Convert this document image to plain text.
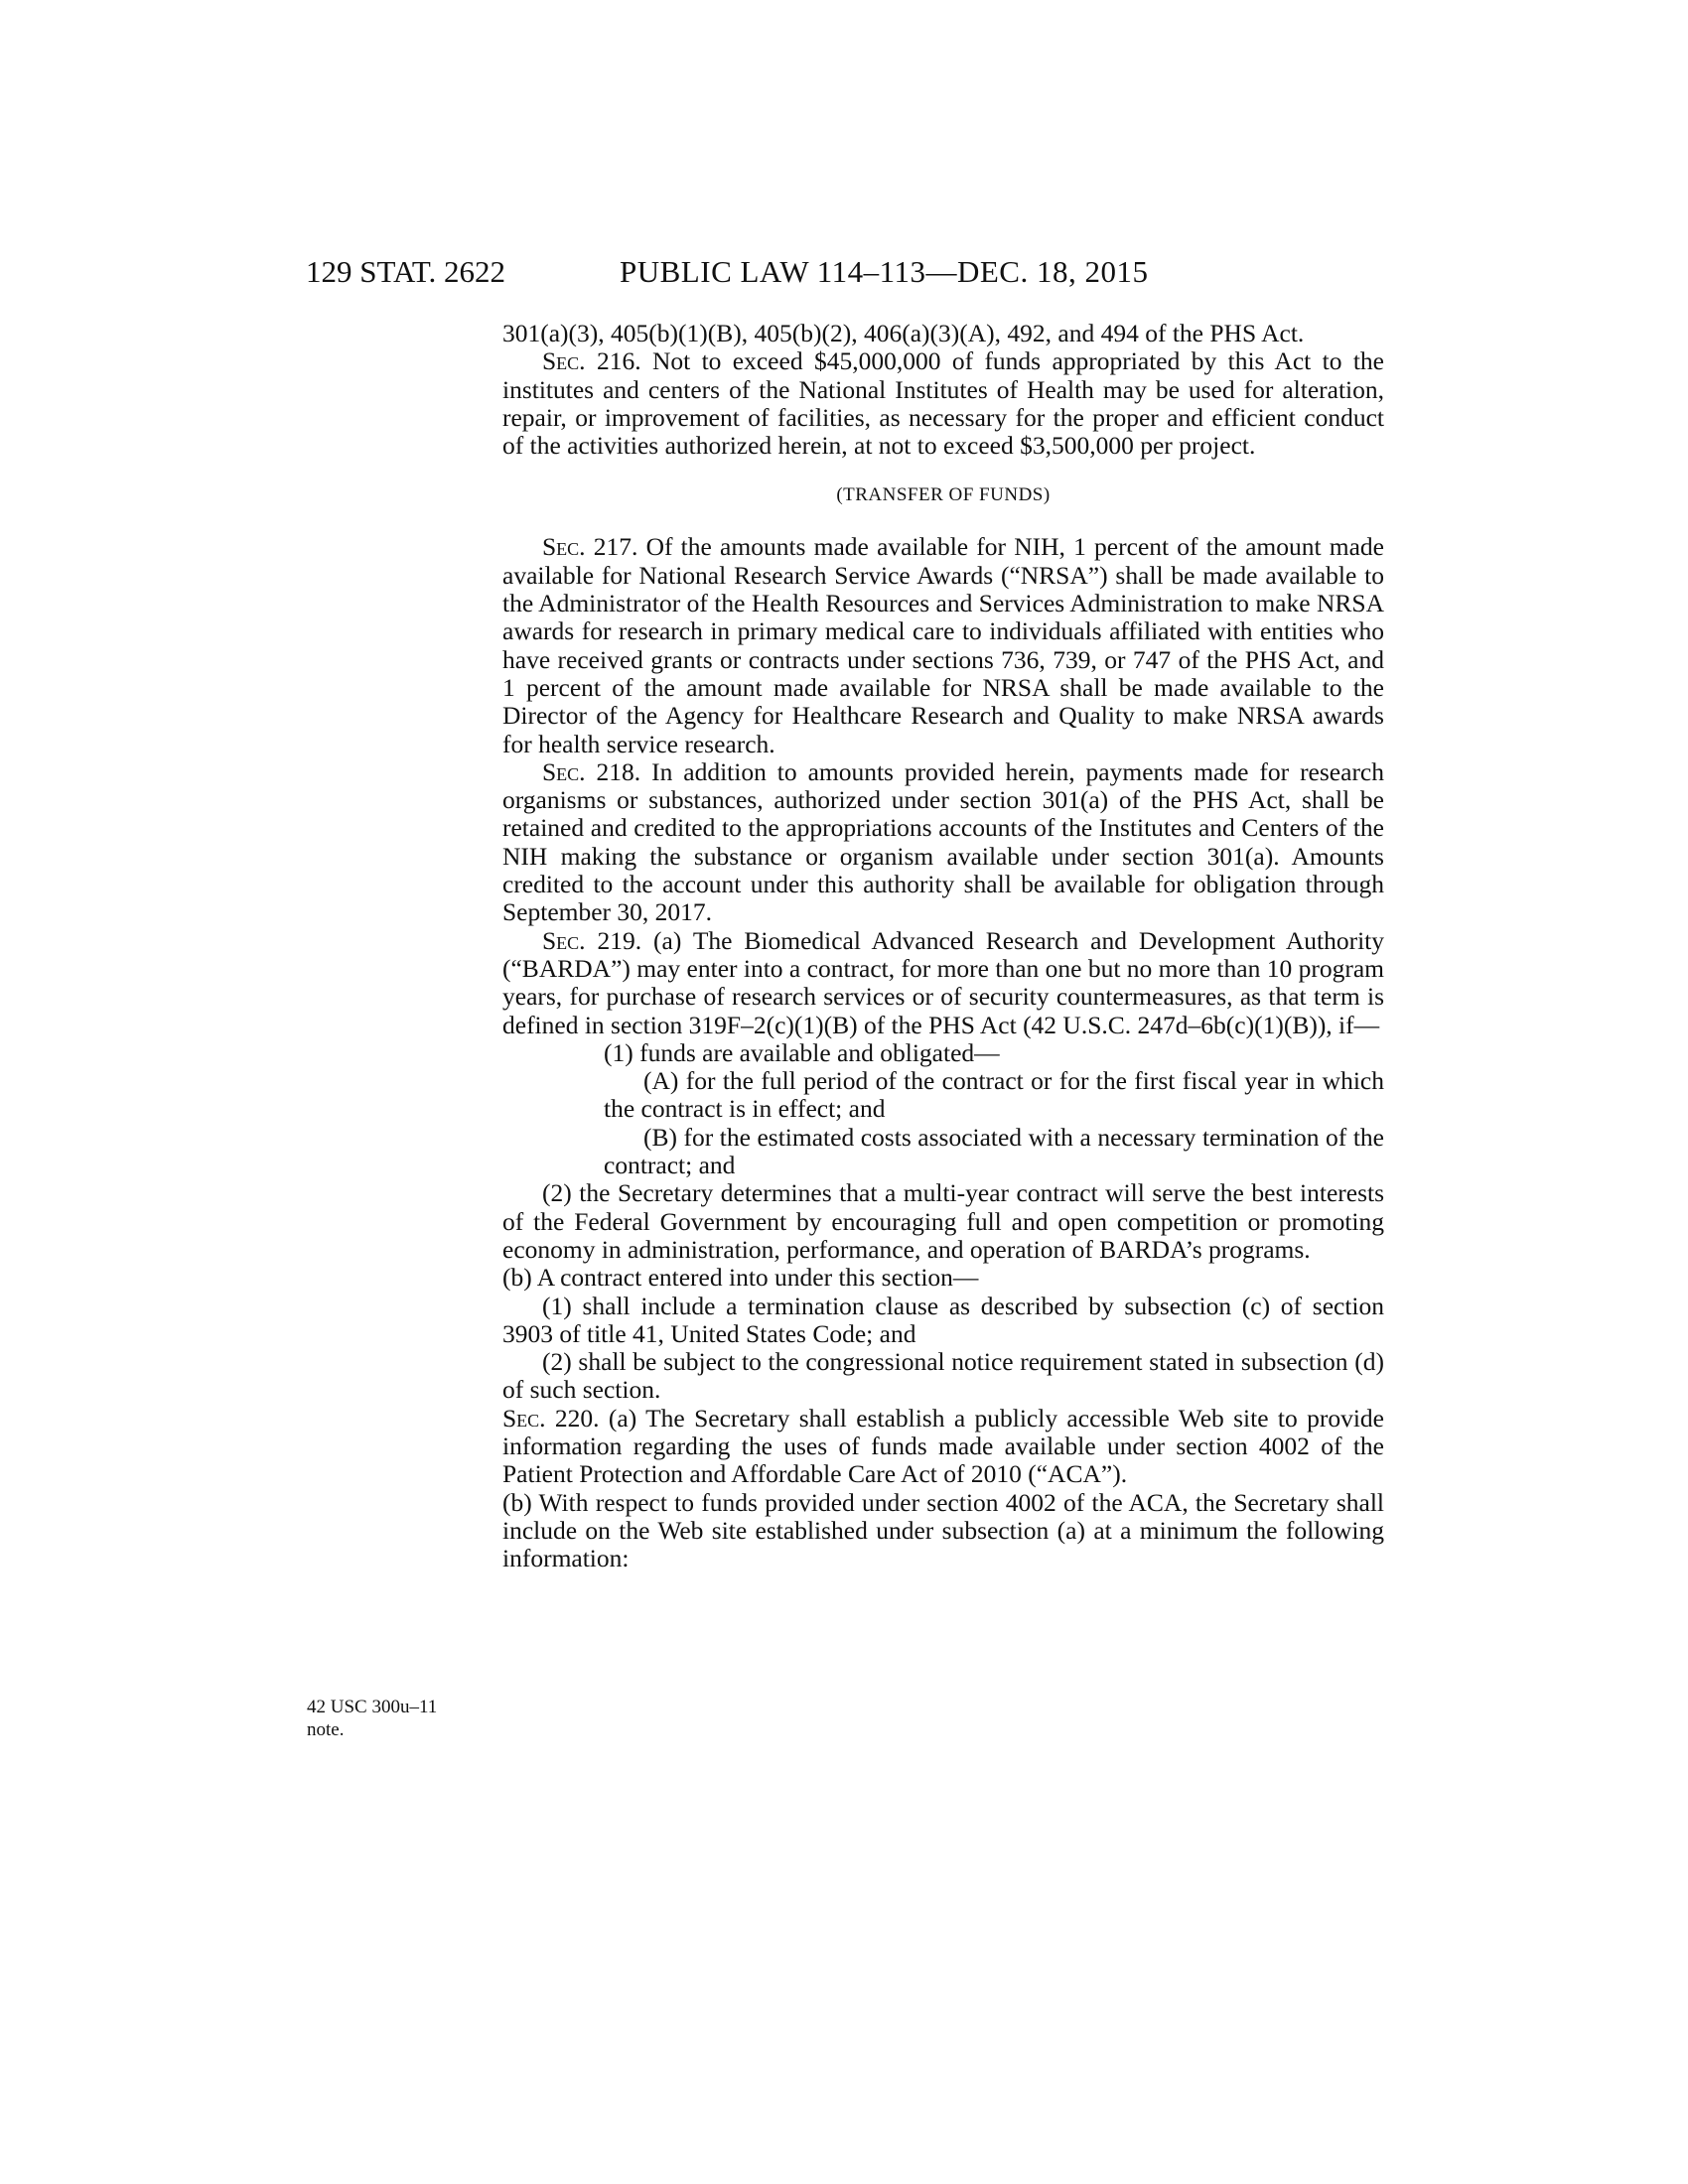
129 STAT. 2622	PUBLIC LAW 114–113—DEC. 18, 2015
42 USC 300u–11
note.

301(a)(3), 405(b)(1)(B), 405(b)(2), 406(a)(3)(A), 492, and 494 of the PHS Act.

Sec. 216. Not to exceed $45,000,000 of funds appropriated by this Act to the institutes and centers of the National Institutes of Health may be used for alteration, repair, or improvement of facilities, as necessary for the proper and efficient conduct of the activities authorized herein, at not to exceed $3,500,000 per project.

(TRANSFER OF FUNDS)

Sec. 217. Of the amounts made available for NIH, 1 percent of the amount made available for National Research Service Awards (“NRSA”) shall be made available to the Administrator of the Health Resources and Services Administration to make NRSA awards for research in primary medical care to individuals affiliated with entities who have received grants or contracts under sections 736, 739, or 747 of the PHS Act, and 1 percent of the amount made available for NRSA shall be made available to the Director of the Agency for Healthcare Research and Quality to make NRSA awards for health service research.

Sec. 218. In addition to amounts provided herein, payments made for research organisms or substances, authorized under section 301(a) of the PHS Act, shall be retained and credited to the appropriations accounts of the Institutes and Centers of the NIH making the substance or organism available under section 301(a). Amounts credited to the account under this authority shall be available for obligation through September 30, 2017.

Sec. 219. (a) The Biomedical Advanced Research and Development Authority (“BARDA”) may enter into a contract, for more than one but no more than 10 program years, for purchase of research services or of security countermeasures, as that term is defined in section 319F–2(c)(1)(B) of the PHS Act (42 U.S.C. 247d–6b(c)(1)(B)), if—

(1) funds are available and obligated—

(A) for the full period of the contract or for the first fiscal year in which the contract is in effect; and

(B) for the estimated costs associated with a necessary termination of the contract; and

(2) the Secretary determines that a multi-year contract will serve the best interests of the Federal Government by encouraging full and open competition or promoting economy in administration, performance, and operation of BARDA’s programs.

(b) A contract entered into under this section—

(1) shall include a termination clause as described by subsection (c) of section 3903 of title 41, United States Code; and

(2) shall be subject to the congressional notice requirement stated in subsection (d) of such section.

Sec. 220. (a) The Secretary shall establish a publicly accessible Web site to provide information regarding the uses of funds made available under section 4002 of the Patient Protection and Affordable Care Act of 2010 (“ACA”).

(b) With respect to funds provided under section 4002 of the ACA, the Secretary shall include on the Web site established under subsection (a) at a minimum the following information:
